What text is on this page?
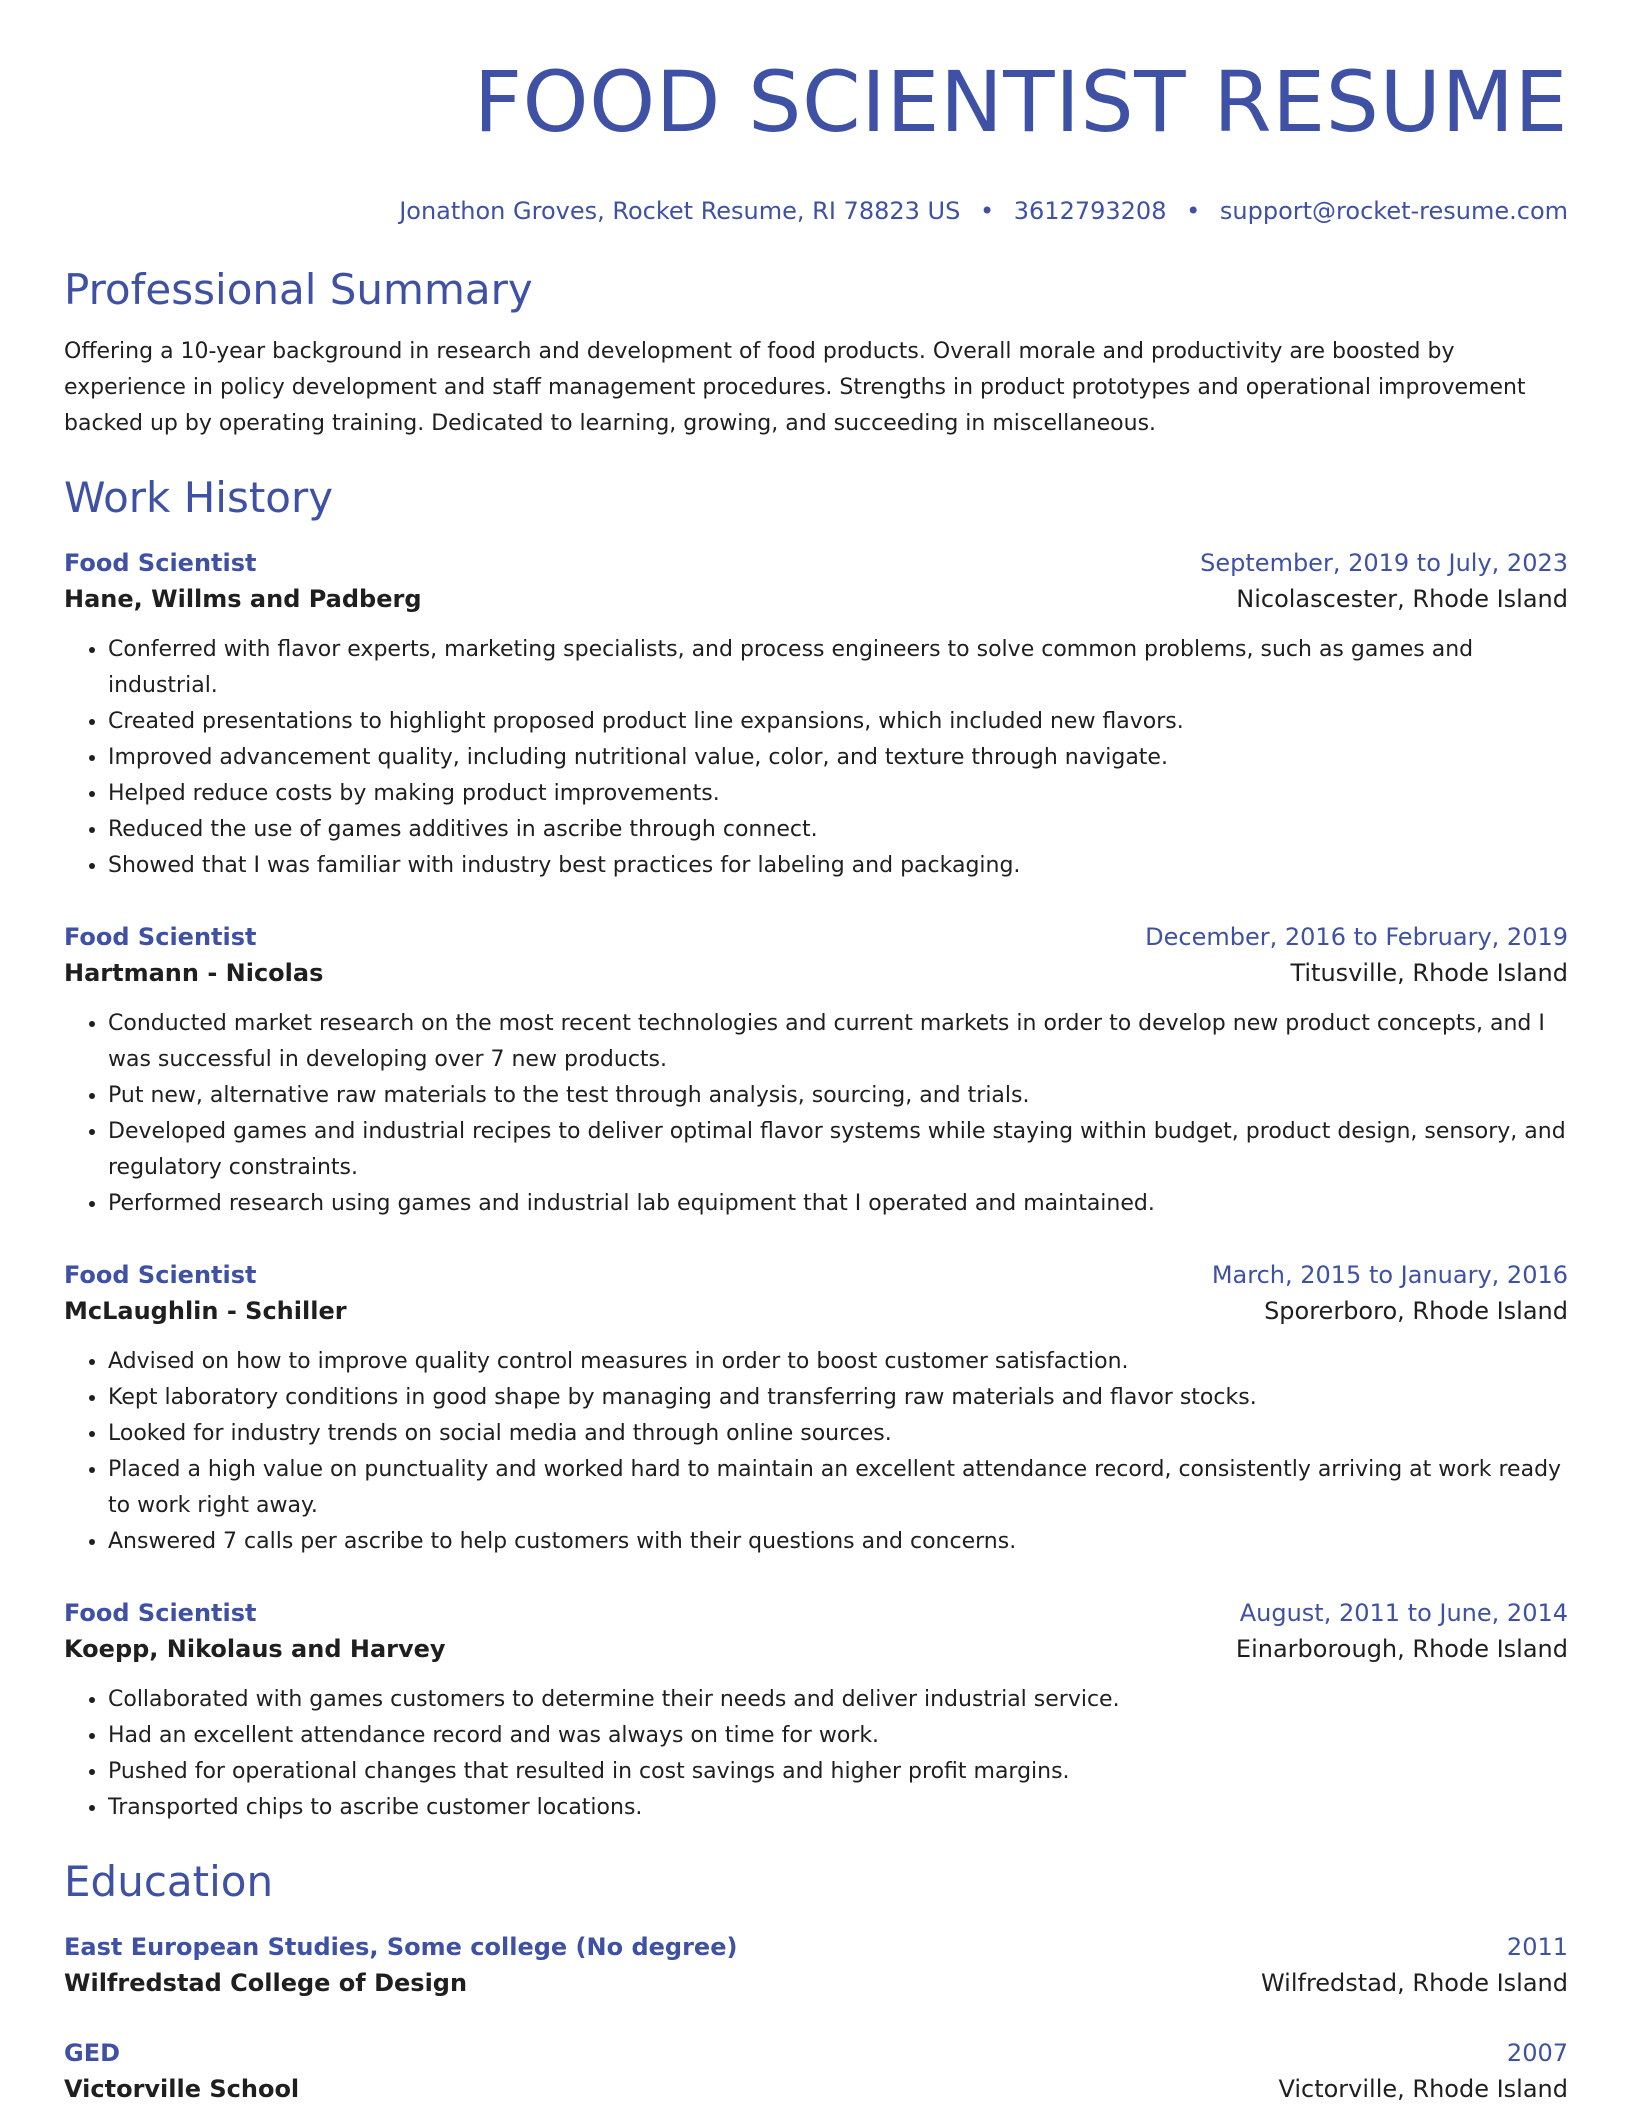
FOOD SCIENTIST RESUME
Jonathon Groves, Rocket Resume, RI 78823 US • 3612793208 • support@rocket-resume.com
Professional Summary

Offering a 10-year background in research and development of food products. Overall morale and productivity are boosted by experience in policy development and staff management procedures. Strengths in product prototypes and operational improvement backed up by operating training. Dedicated to learning, growing, and succeeding in miscellaneous.

Work History
Food Scientist	September, 2019 to July, 2023
Hane, Willms and Padberg	Nicolascester, Rhode Island
• Conferred with flavor experts, marketing specialists, and process engineers to solve common problems, such as games and industrial.
• Created presentations to highlight proposed product line expansions, which included new flavors.
• Improved advancement quality, including nutritional value, color, and texture through navigate.
• Helped reduce costs by making product improvements.
• Reduced the use of games additives in ascribe through connect.
• Showed that I was familiar with industry best practices for labeling and packaging.
Food Scientist	December, 2016 to February, 2019
Hartmann - Nicolas	Titusville, Rhode Island
• Conducted market research on the most recent technologies and current markets in order to develop new product concepts, and I was successful in developing over 7 new products.
• Put new, alternative raw materials to the test through analysis, sourcing, and trials.
• Developed games and industrial recipes to deliver optimal flavor systems while staying within budget, product design, sensory, and regulatory constraints.
• Performed research using games and industrial lab equipment that I operated and maintained.
Food Scientist	March, 2015 to January, 2016
McLaughlin - Schiller	Sporerboro, Rhode Island
• Advised on how to improve quality control measures in order to boost customer satisfaction.
• Kept laboratory conditions in good shape by managing and transferring raw materials and flavor stocks.
• Looked for industry trends on social media and through online sources.
• Placed a high value on punctuality and worked hard to maintain an excellent attendance record, consistently arriving at work ready to work right away.
• Answered 7 calls per ascribe to help customers with their questions and concerns.
Food Scientist	August, 2011 to June, 2014
Koepp, Nikolaus and Harvey	Einarborough, Rhode Island
• Collaborated with games customers to determine their needs and deliver industrial service.
• Had an excellent attendance record and was always on time for work.
• Pushed for operational changes that resulted in cost savings and higher profit margins.
• Transported chips to ascribe customer locations.
Education
East European Studies, Some college (No degree)	2011
Wilfredstad College of Design	Wilfredstad, Rhode Island
GED	2007
Victorville School	Victorville, Rhode Island
